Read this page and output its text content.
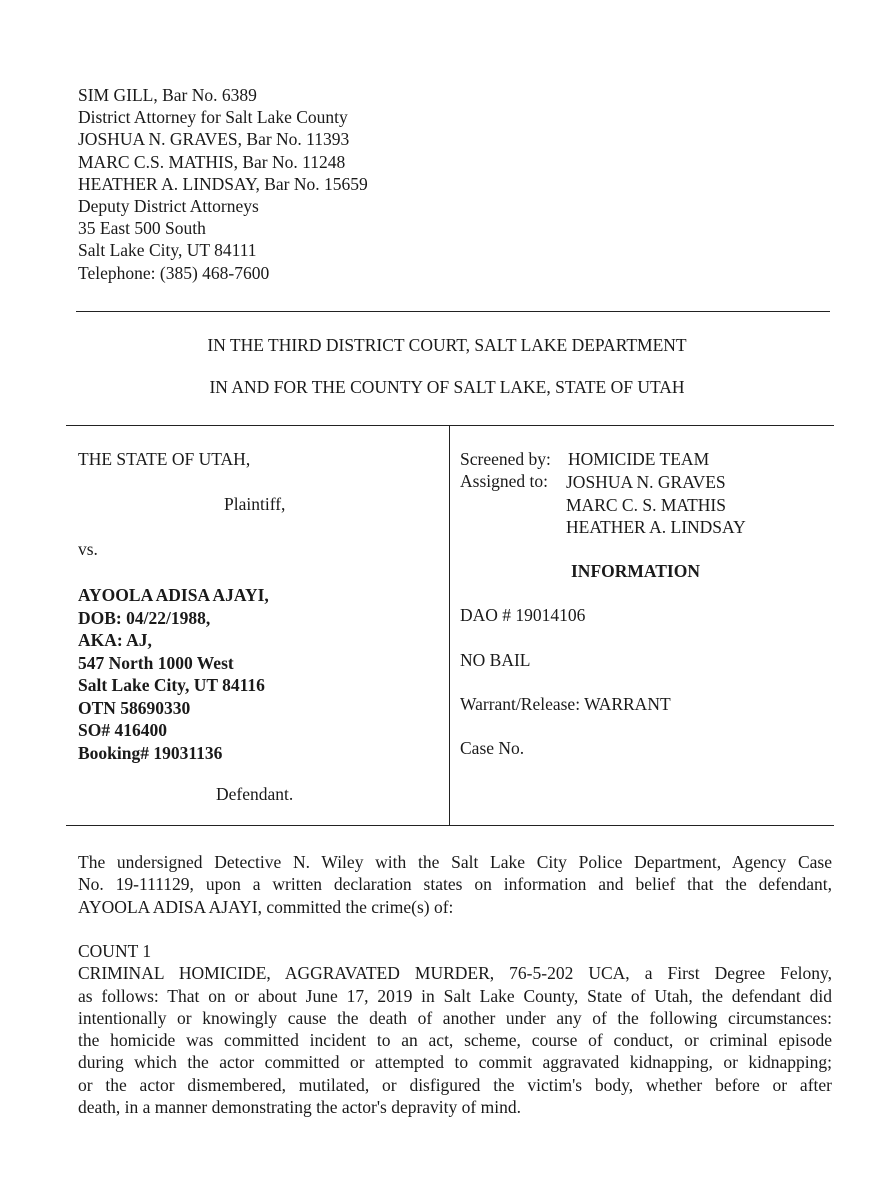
SIM GILL, Bar No. 6389
District Attorney for Salt Lake County
JOSHUA N. GRAVES, Bar No. 11393
MARC C.S. MATHIS, Bar No. 11248
HEATHER A. LINDSAY, Bar No. 15659
Deputy District Attorneys
35 East 500 South
Salt Lake City, UT 84111
Telephone: (385) 468-7600
IN THE THIRD DISTRICT COURT, SALT LAKE DEPARTMENT
IN AND FOR THE COUNTY OF SALT LAKE, STATE OF UTAH
THE STATE OF UTAH,
Plaintiff,
vs.
AYOOLA ADISA AJAYI,
DOB: 04/22/1988,
AKA: AJ,
547 North 1000 West
Salt Lake City, UT 84116
OTN 58690330
SO# 416400
Booking# 19031136
Defendant.
Screened by: HOMICIDE TEAM
Assigned to: JOSHUA N. GRAVES
MARC C. S. MATHIS
HEATHER A. LINDSAY
INFORMATION
DAO # 19014106
NO BAIL
Warrant/Release: WARRANT
Case No.
The undersigned Detective N. Wiley with the Salt Lake City Police Department, Agency Case
No. 19-111129, upon a written declaration states on information and belief that the defendant,
AYOOLA ADISA AJAYI, committed the crime(s) of:
COUNT 1
CRIMINAL HOMICIDE, AGGRAVATED MURDER, 76-5-202 UCA, a First Degree Felony,
as follows: That on or about June 17, 2019 in Salt Lake County, State of Utah, the defendant did
intentionally or knowingly cause the death of another under any of the following circumstances:
the homicide was committed incident to an act, scheme, course of conduct, or criminal episode
during which the actor committed or attempted to commit aggravated kidnapping, or kidnapping;
or the actor dismembered, mutilated, or disfigured the victim's body, whether before or after
death, in a manner demonstrating the actor's depravity of mind.
